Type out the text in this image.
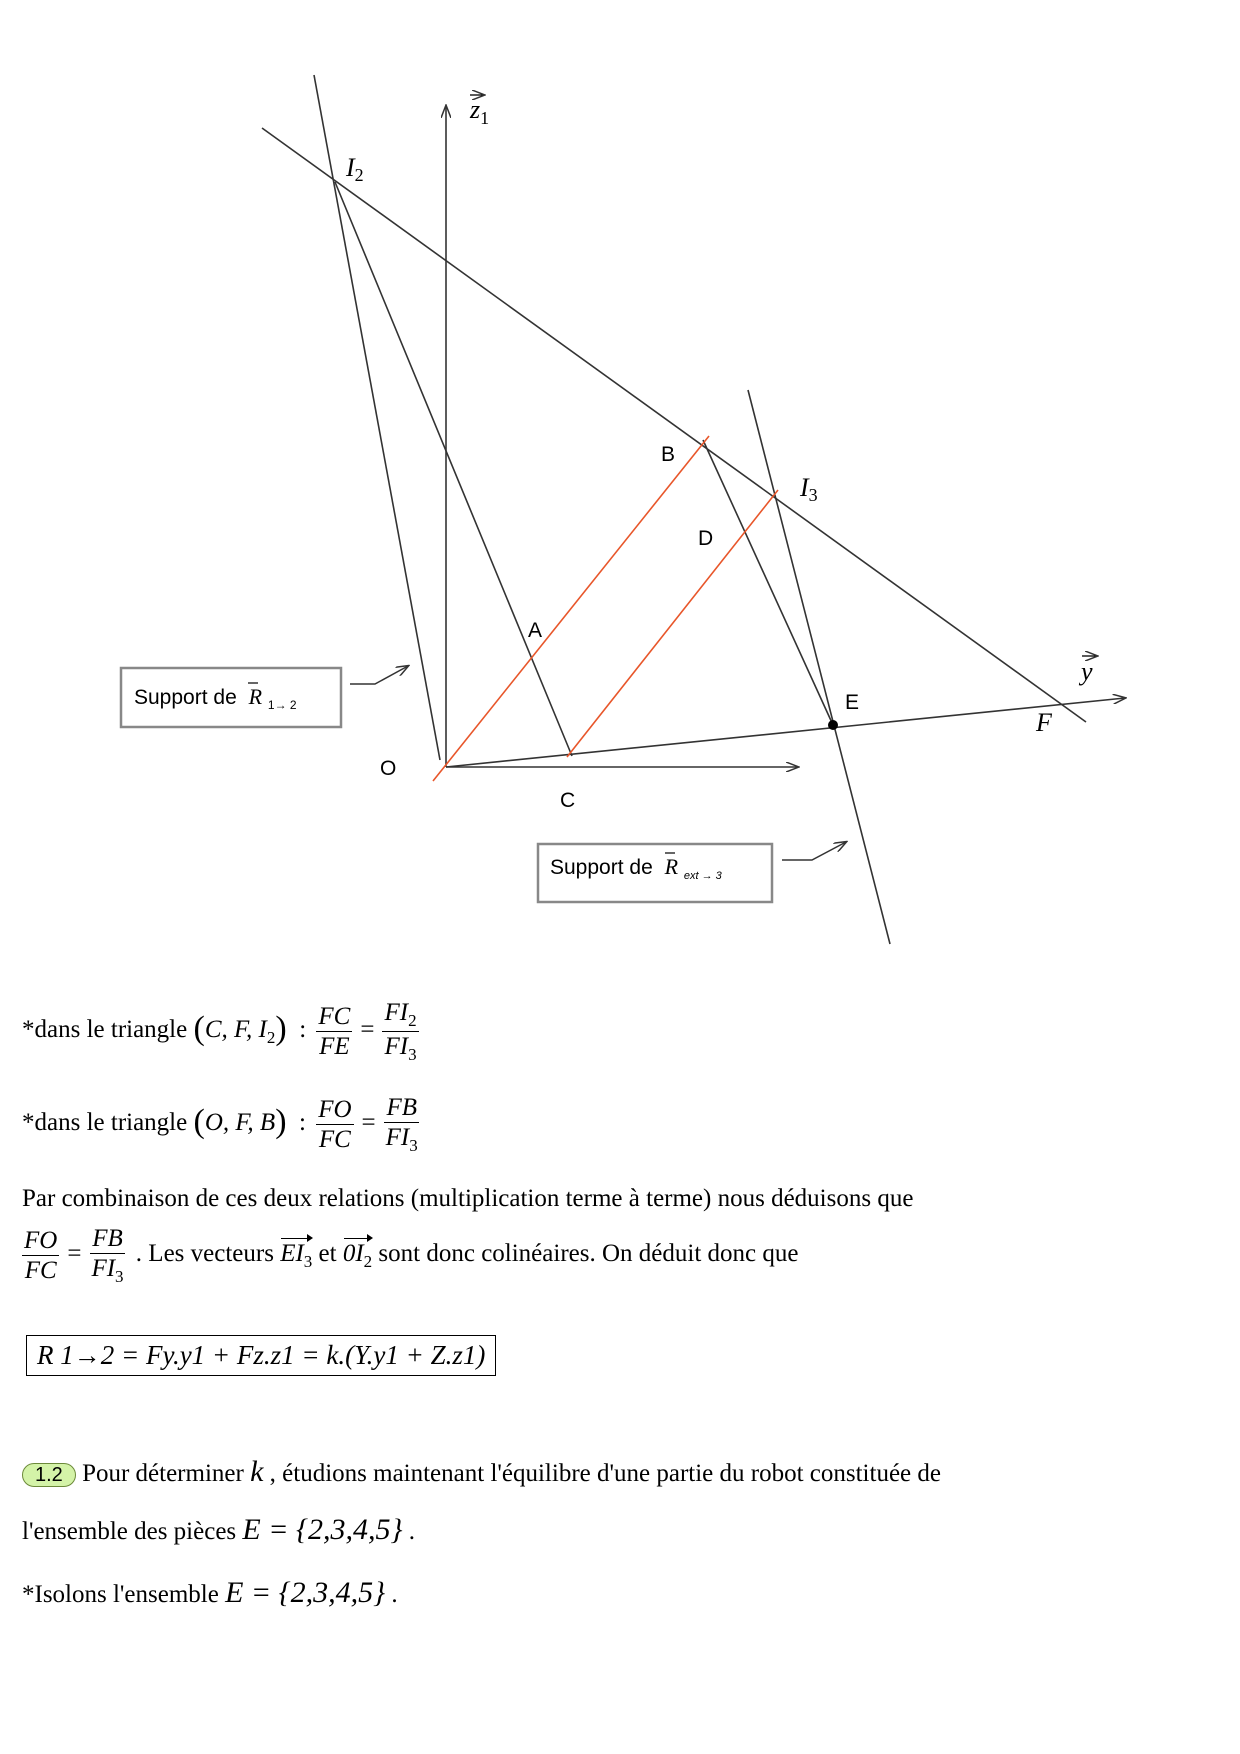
I2
I3
B
D
A
E
F
O
C
$z_1$
y
Support de R $_{1\to 2}$
Support de R $_{ext \to 3}$
*dans le triangle (C, F, $I_2$)  : $\frac{FC}{FE} = \frac{FI_2}{FI_3}$
*dans le triangle (O, F, B)  : $\frac{FO}{FC} = \frac{FB}{FI_3}$
Par combinaison de ces deux relations (multiplication terme à terme) nous déduisons que
$\frac{FO}{FC} = \frac{FB}{FI_3}$ . Les vecteurs $EI_3$ et $0I_2$ sont donc colinéaires. On déduit donc que
R 1→2 = Fy.y1 + Fz.z1 = k.(Y.y1 + Z.z1)
1.2 Pour déterminer k , étudions maintenant l'équilibre d'une partie du robot constituée de
l'ensemble des pièces E = {2,3,4,5} .
*Isolons l'ensemble E = {2,3,4,5} .
